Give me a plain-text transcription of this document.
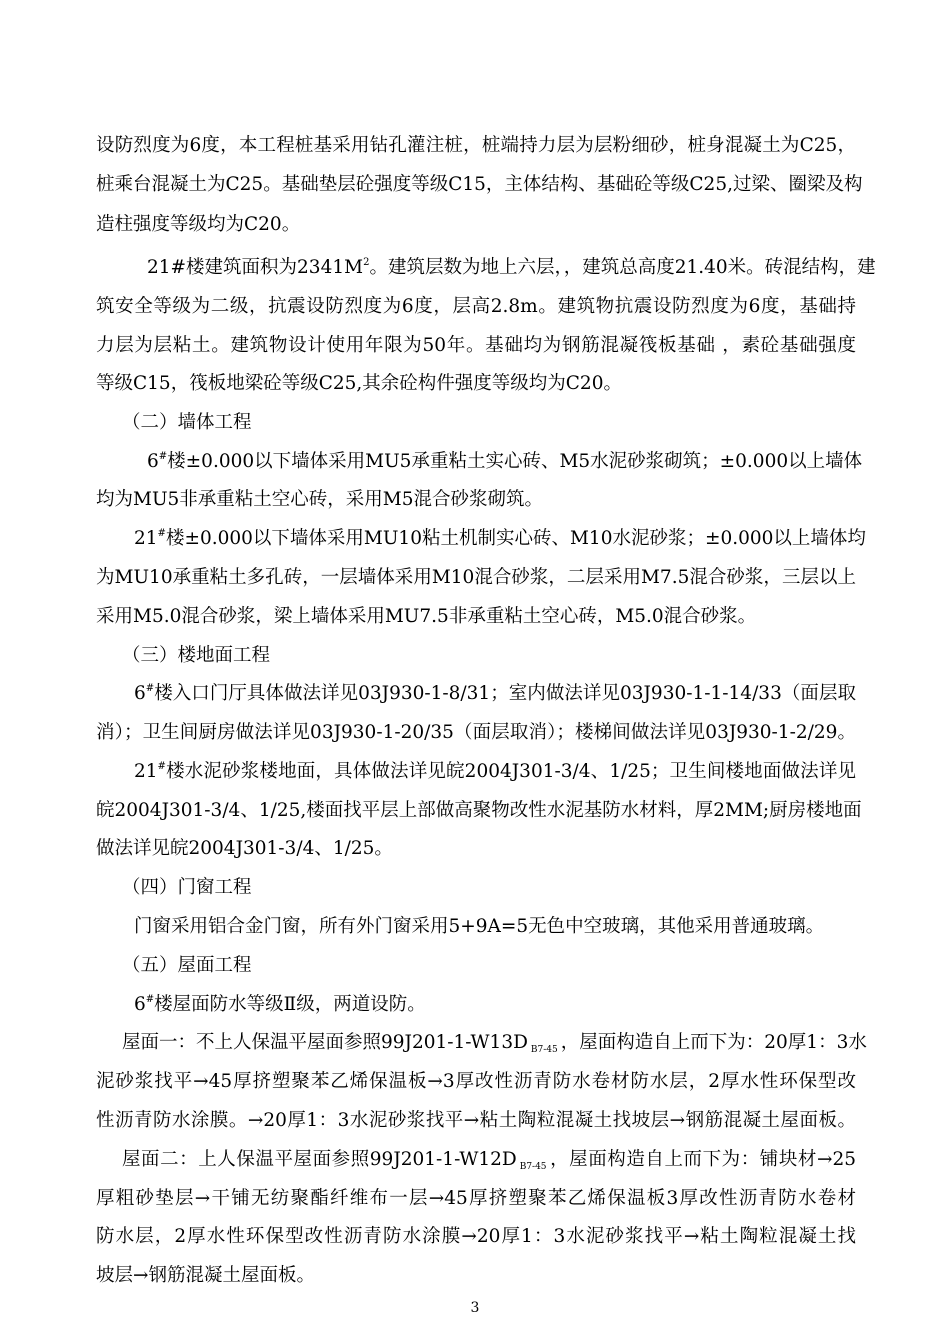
设防烈度为6度，本工程桩基采用钻孔灌注桩，桩端持力层为层粉细砂，桩身混凝土为C25，
桩乘台混凝土为C25。基础垫层砼强度等级C15，主体结构、基础砼等级C25,过梁、圈梁及构
造柱强度等级均为C20。
21#楼建筑面积为$2341M^2$。建筑层数为地上六层，，建筑总高度21.40米。砖混结构，建
筑安全等级为二级，抗震设防烈度为6度，层高2.8m。建筑物抗震设防烈度为6度，基础持
力层为层粘土。建筑物设计使用年限为50年。基础均为钢筋混凝筏板基础 ，素砼基础强度
等级C15，筏板地梁砼等级C25,其余砼构件强度等级均为C20。
（二）墙体工程
6#楼±0.000以下墙体采用MU5承重粘土实心砖、M5水泥砂浆砌筑；±0.000以上墙体
均为MU5非承重粘土空心砖，采用M5混合砂浆砌筑。
21#楼±0.000以下墙体采用MU10粘土机制实心砖、M10水泥砂浆；±0.000以上墙体均
为MU10承重粘土多孔砖，一层墙体采用M10混合砂浆，二层采用M7.5混合砂浆，三层以上
采用M5.0混合砂浆，梁上墙体采用MU7.5非承重粘土空心砖，M5.0混合砂浆。
（三）楼地面工程
6#楼入口门厅具体做法详见03J930-1-8/31；室内做法详见03J930-1-1-14/33（面层取
消）；卫生间厨房做法详见03J930-1-20/35（面层取消）；楼梯间做法详见03J930-1-2/29。
21#楼水泥砂浆楼地面，具体做法详见皖2004J301-3/4、1/25；卫生间楼地面做法详见
皖2004J301-3/4、1/25,楼面找平层上部做高聚物改性水泥基防水材料，厚2MM;厨房楼地面
做法详见皖2004J301-3/4、1/25。
（四）门窗工程
门窗采用铝合金门窗，所有外门窗采用5+9A=5无色中空玻璃，其他采用普通玻璃。
（五）屋面工程
6#楼屋面防水等级Ⅱ级，两道设防。
屋面一：不上人保温平屋面参照99J201-1-W13D $_{B7-45}$ ，屋面构造自上而下为：20厚1：3水
泥砂浆找平→45厚挤塑聚苯乙烯保温板→3厚改性沥青防水卷材防水层，2厚水性环保型改
性沥青防水涂膜。→20厚1：3水泥砂浆找平→粘土陶粒混凝土找坡层→钢筋混凝土屋面板。
屋面二：上人保温平屋面参照99J201-1-W12D $_{B7-45}$ ，屋面构造自上而下为：铺块材→25
厚粗砂垫层→干铺无纺聚酯纤维布一层→45厚挤塑聚苯乙烯保温板3厚改性沥青防水卷材
防水层，2厚水性环保型改性沥青防水涂膜→20厚1：3水泥砂浆找平→粘土陶粒混凝土找
坡层→钢筋混凝土屋面板。
3
